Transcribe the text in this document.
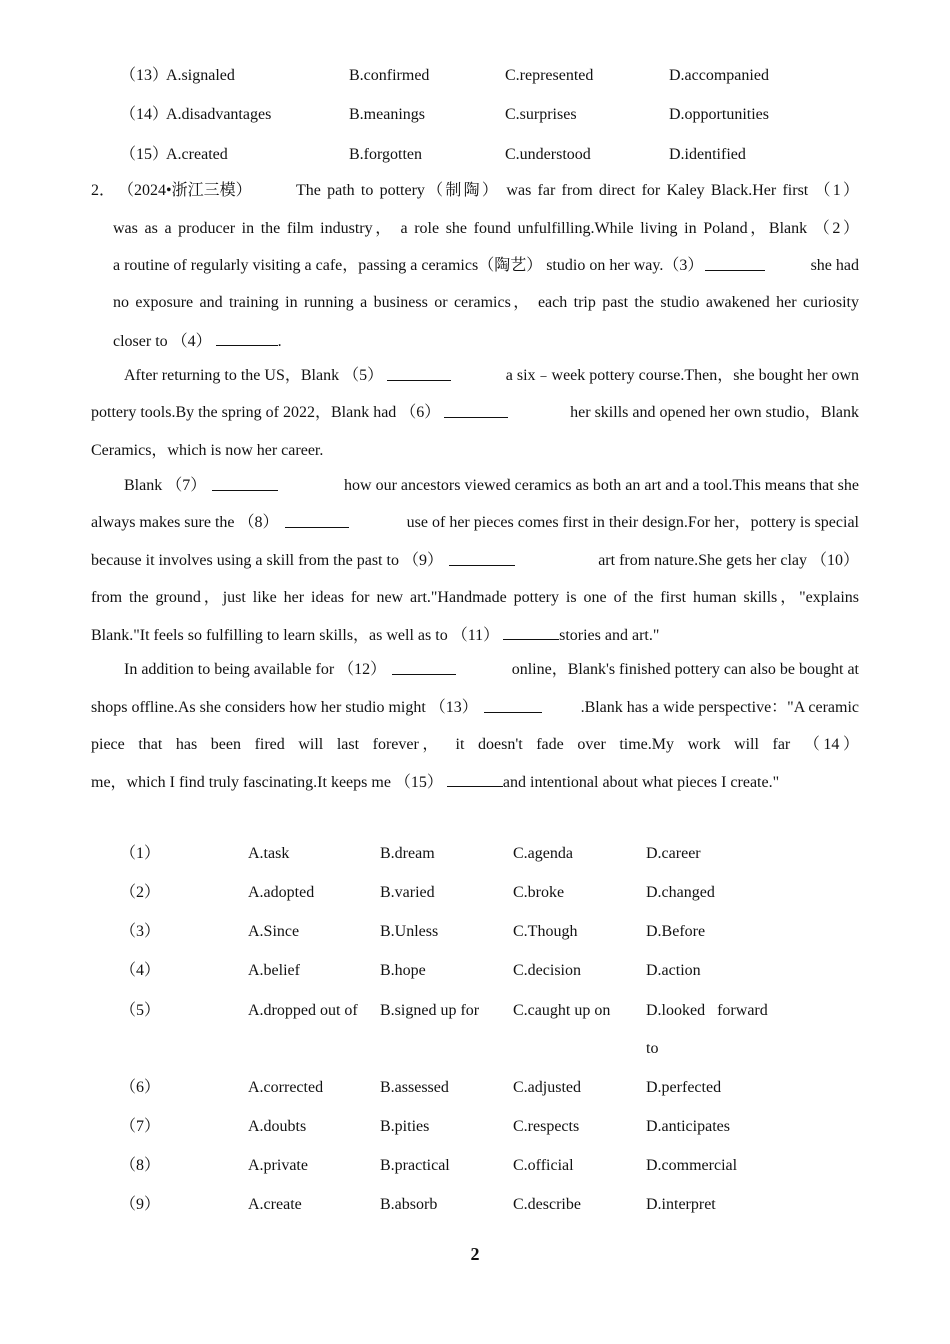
（13）
A.signaled	B.confirmed	C.represented	D.accompanied
（14）
A.disadvantages	B.meanings	C.surprises	D.opportunities
（15）
A.created	B.forgotten	C.understood	D.identified
2． （2024•浙江三模）	The path to pottery（制陶） was far from direct for Kaley Black.Her first （1）
was as a producer in the film industry， a role she found unfulfilling.While living in Poland，Blank （2）
a routine of regularly visiting a cafe，passing a ceramics（陶艺） studio on her way.（3）	she had
no exposure and training in running a business or ceramics， each trip past the studio awakened her curiosity
closer to （4）	.
After returning to the US，Blank （5）	a six﹣week pottery course.Then，she bought her own
pottery tools.By the spring of 2022，Blank had （6）	her skills and opened her own studio，Blank
Ceramics，which is now her career.
Blank （7）	how our ancestors viewed ceramics as both an art and a tool.This means that she
always makes sure the （8）	use of her pieces comes first in their design.For her，pottery is special
because it involves using a skill from the past to （9）	art from nature.She gets her clay （10）
from the ground，just like her ideas for new art."Handmade pottery is one of the first human skills，"explains
Blank."It feels so fulfilling to learn skills，as well as to （11）	stories and art."
In addition to being available for （12）	online，Blank's finished pottery can also be bought at
shops offline.As she considers how her studio might （13）	.Blank has a wide perspective："A ceramic
piece that has been fired will last forever， it doesn't fade over time.My work will far （14）
me，which I find truly fascinating.It keeps me （15）	and intentional about what pieces I create."
（1）	A.task	B.dream	C.agenda	D.career
（2）	A.adopted	B.varied	C.broke	D.changed
（3）	A.Since	B.Unless	C.Though	D.Before
（4）	A.belief	B.hope	C.decision	D.action
（5）	A.dropped out of B.signed up for C.caught up on D.looked forward
to
（6）	A.corrected	B.assessed	C.adjusted	D.perfected
（7）	A.doubts	B.pities	C.respects	D.anticipates
（8）	A.private	B.practical	C.official	D.commercial
（9）	A.create	B.absorb	C.describe	D.interpret
2
